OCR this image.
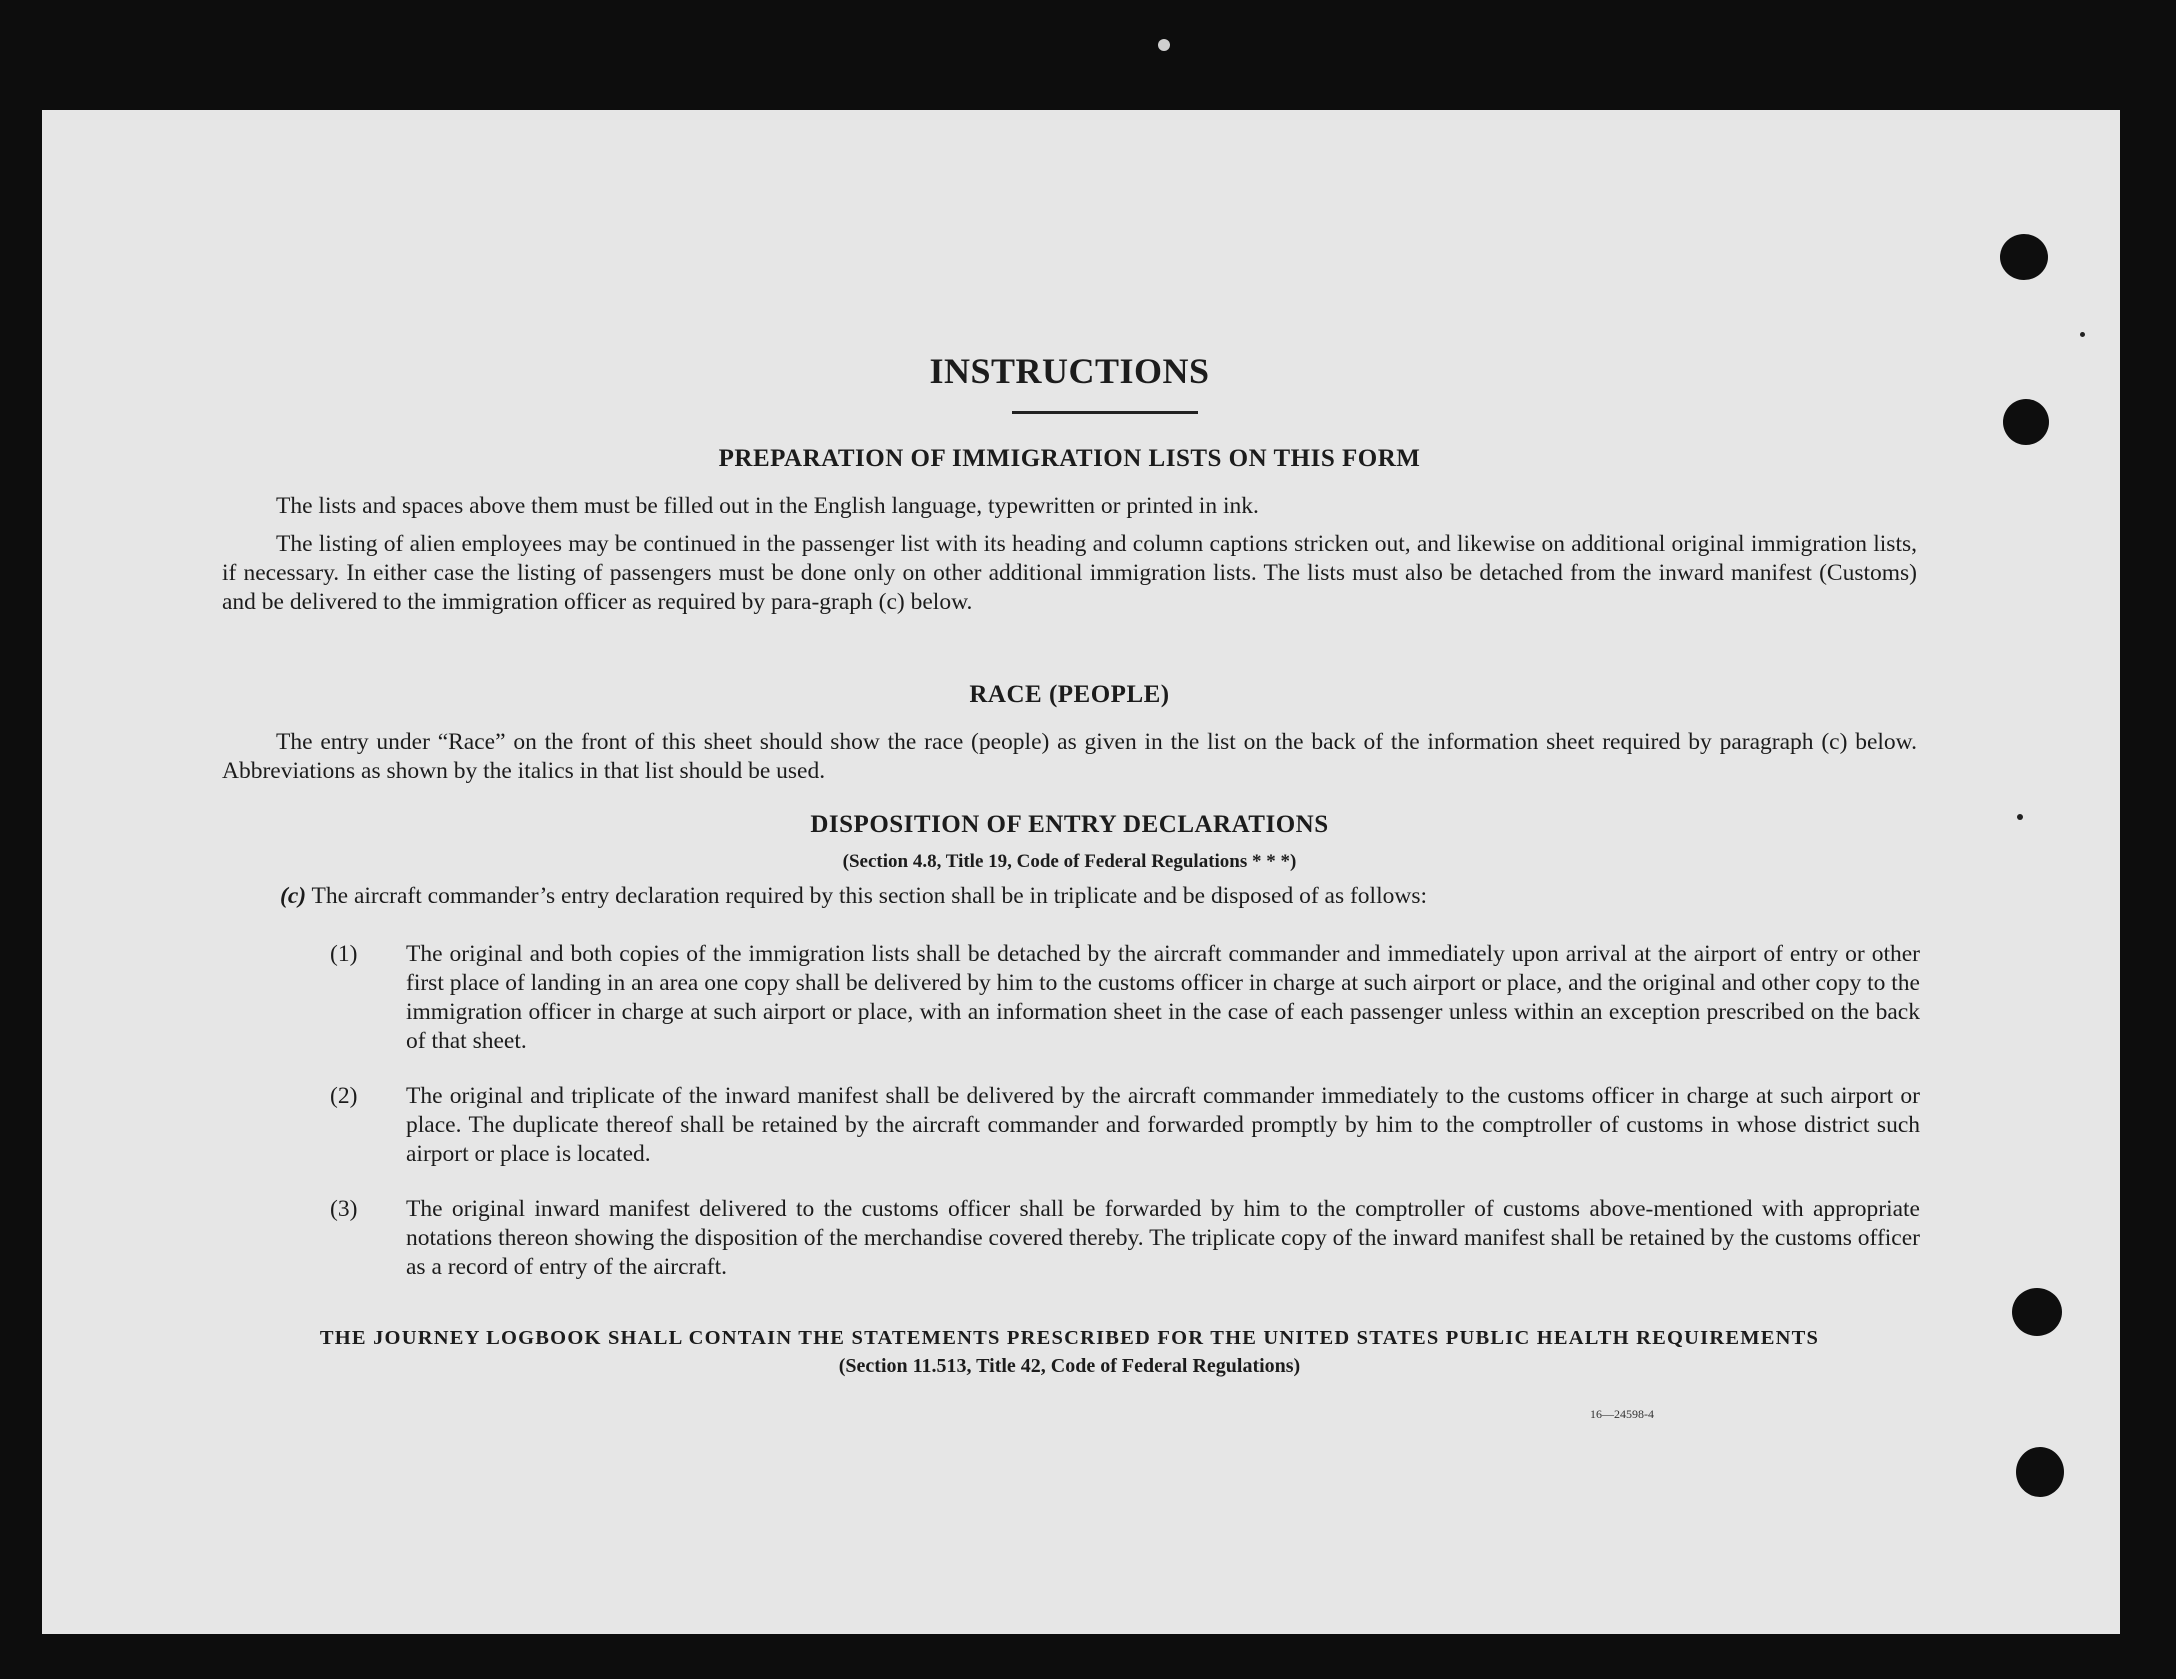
INSTRUCTIONS
PREPARATION OF IMMIGRATION LISTS ON THIS FORM
The lists and spaces above them must be filled out in the English language, typewritten or printed in ink.
The listing of alien employees may be continued in the passenger list with its heading and column captions stricken out, and likewise on additional original immigration lists, if necessary. In either case the listing of passengers must be done only on other additional immigration lists. The lists must also be detached from the inward manifest (Customs) and be delivered to the immigration officer as required by para-graph (c) below.
RACE (PEOPLE)
The entry under “Race” on the front of this sheet should show the race (people) as given in the list on the back of the information sheet required by paragraph (c) below. Abbreviations as shown by the italics in that list should be used.
DISPOSITION OF ENTRY DECLARATIONS
(Section 4.8, Title 19, Code of Federal Regulations * * *)
(c) The aircraft commander’s entry declaration required by this section shall be in triplicate and be disposed of as follows:
(1) The original and both copies of the immigration lists shall be detached by the aircraft commander and immediately upon arrival at the airport of entry or other first place of landing in an area one copy shall be delivered by him to the customs officer in charge at such airport or place, and the original and other copy to the immigration officer in charge at such airport or place, with an information sheet in the case of each passenger unless within an exception prescribed on the back of that sheet.
(2) The original and triplicate of the inward manifest shall be delivered by the aircraft commander immediately to the customs officer in charge at such airport or place. The duplicate thereof shall be retained by the aircraft commander and forwarded promptly by him to the comptroller of customs in whose district such airport or place is located.
(3) The original inward manifest delivered to the customs officer shall be forwarded by him to the comptroller of customs above-mentioned with appropriate notations thereon showing the disposition of the merchandise covered thereby. The triplicate copy of the inward manifest shall be retained by the customs officer as a record of entry of the aircraft.
THE JOURNEY LOGBOOK SHALL CONTAIN THE STATEMENTS PRESCRIBED FOR THE UNITED STATES PUBLIC HEALTH REQUIREMENTS
(Section 11.513, Title 42, Code of Federal Regulations)
16—24598-4
